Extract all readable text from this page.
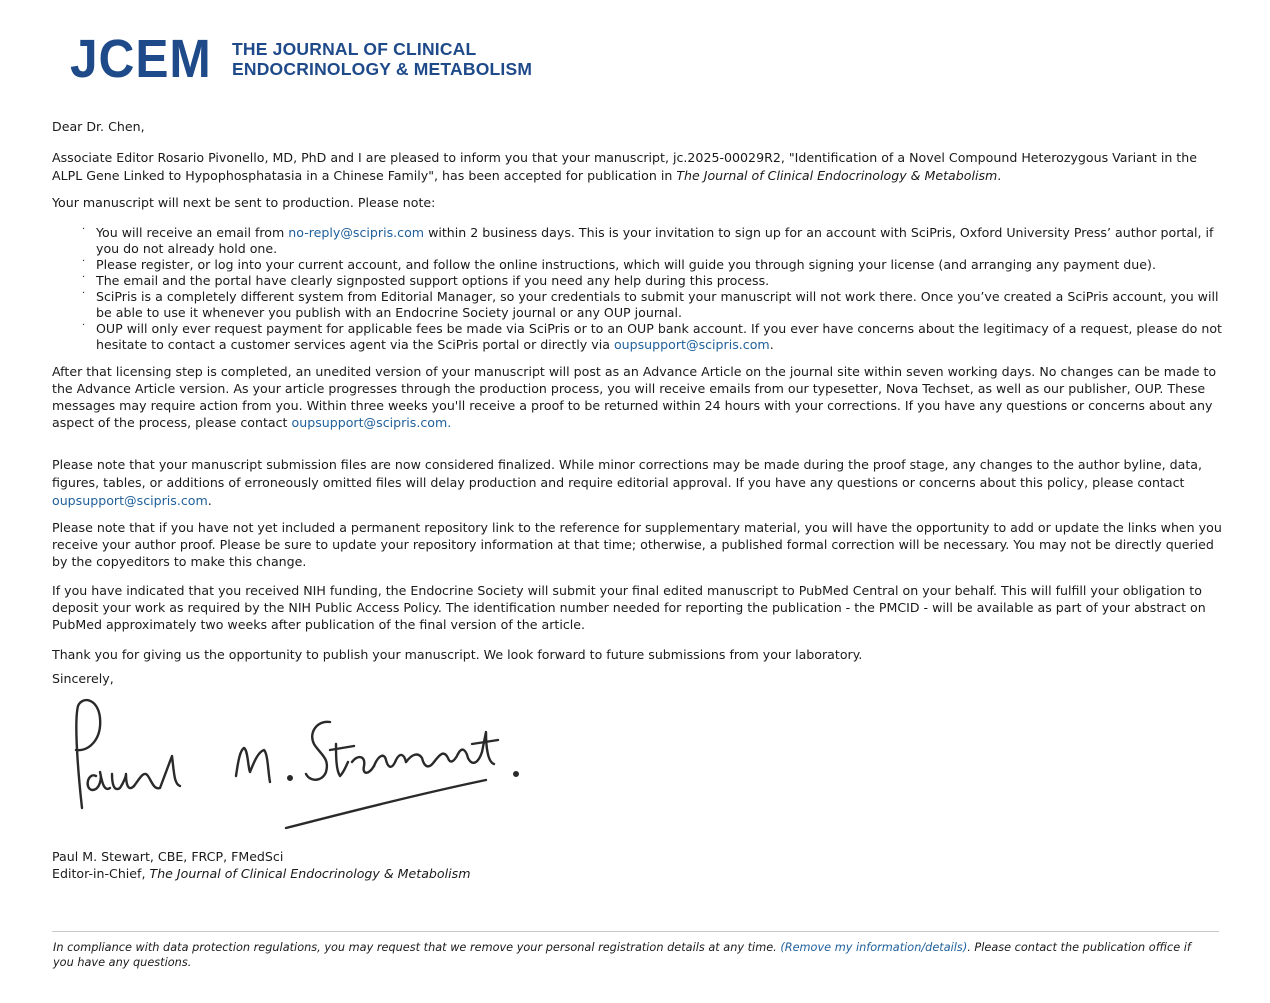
JCEM THE JOURNAL OF CLINICAL
ENDOCRINOLOGY & METABOLISM

Dear Dr. Chen,

Associate Editor Rosario Pivonello, MD, PhD and I are pleased to inform you that your manuscript, jc.2025-00029R2, "Identification of a Novel Compound Heterozygous Variant in the ALPL Gene Linked to Hypophosphatasia in a Chinese Family", has been accepted for publication in The Journal of Clinical Endocrinology & Metabolism.

Your manuscript will next be sent to production. Please note:

· You will receive an email from no-reply@scipris.com within 2 business days. This is your invitation to sign up for an account with SciPris, Oxford University Press’ author portal, if you do not already hold one.
· Please register, or log into your current account, and follow the online instructions, which will guide you through signing your license (and arranging any payment due).
· The email and the portal have clearly signposted support options if you need any help during this process.
· SciPris is a completely different system from Editorial Manager, so your credentials to submit your manuscript will not work there. Once you’ve created a SciPris account, you will be able to use it whenever you publish with an Endocrine Society journal or any OUP journal.
· OUP will only ever request payment for applicable fees be made via SciPris or to an OUP bank account. If you ever have concerns about the legitimacy of a request, please do not hesitate to contact a customer services agent via the SciPris portal or directly via oupsupport@scipris.com.

After that licensing step is completed, an unedited version of your manuscript will post as an Advance Article on the journal site within seven working days. No changes can be made to the Advance Article version. As your article progresses through the production process, you will receive emails from our typesetter, Nova Techset, as well as our publisher, OUP. These messages may require action from you. Within three weeks you'll receive a proof to be returned within 24 hours with your corrections. If you have any questions or concerns about any aspect of the process, please contact oupsupport@scipris.com.

Please note that your manuscript submission files are now considered finalized. While minor corrections may be made during the proof stage, any changes to the author byline, data, figures, tables, or additions of erroneously omitted files will delay production and require editorial approval. If you have any questions or concerns about this policy, please contact oupsupport@scipris.com.

Please note that if you have not yet included a permanent repository link to the reference for supplementary material, you will have the opportunity to add or update the links when you receive your author proof. Please be sure to update your repository information at that time; otherwise, a published formal correction will be necessary. You may not be directly queried by the copyeditors to make this change.

If you have indicated that you received NIH funding, the Endocrine Society will submit your final edited manuscript to PubMed Central on your behalf. This will fulfill your obligation to deposit your work as required by the NIH Public Access Policy. The identification number needed for reporting the publication - the PMCID - will be available as part of your abstract on PubMed approximately two weeks after publication of the final version of the article.

Thank you for giving us the opportunity to publish your manuscript. We look forward to future submissions from your laboratory.

Sincerely,

Paul M. Stewart, CBE, FRCP, FMedSci

Editor-in-Chief, The Journal of Clinical Endocrinology & Metabolism

In compliance with data protection regulations, you may request that we remove your personal registration details at any time. (Remove my information/details). Please contact the publication office if you have any questions.
